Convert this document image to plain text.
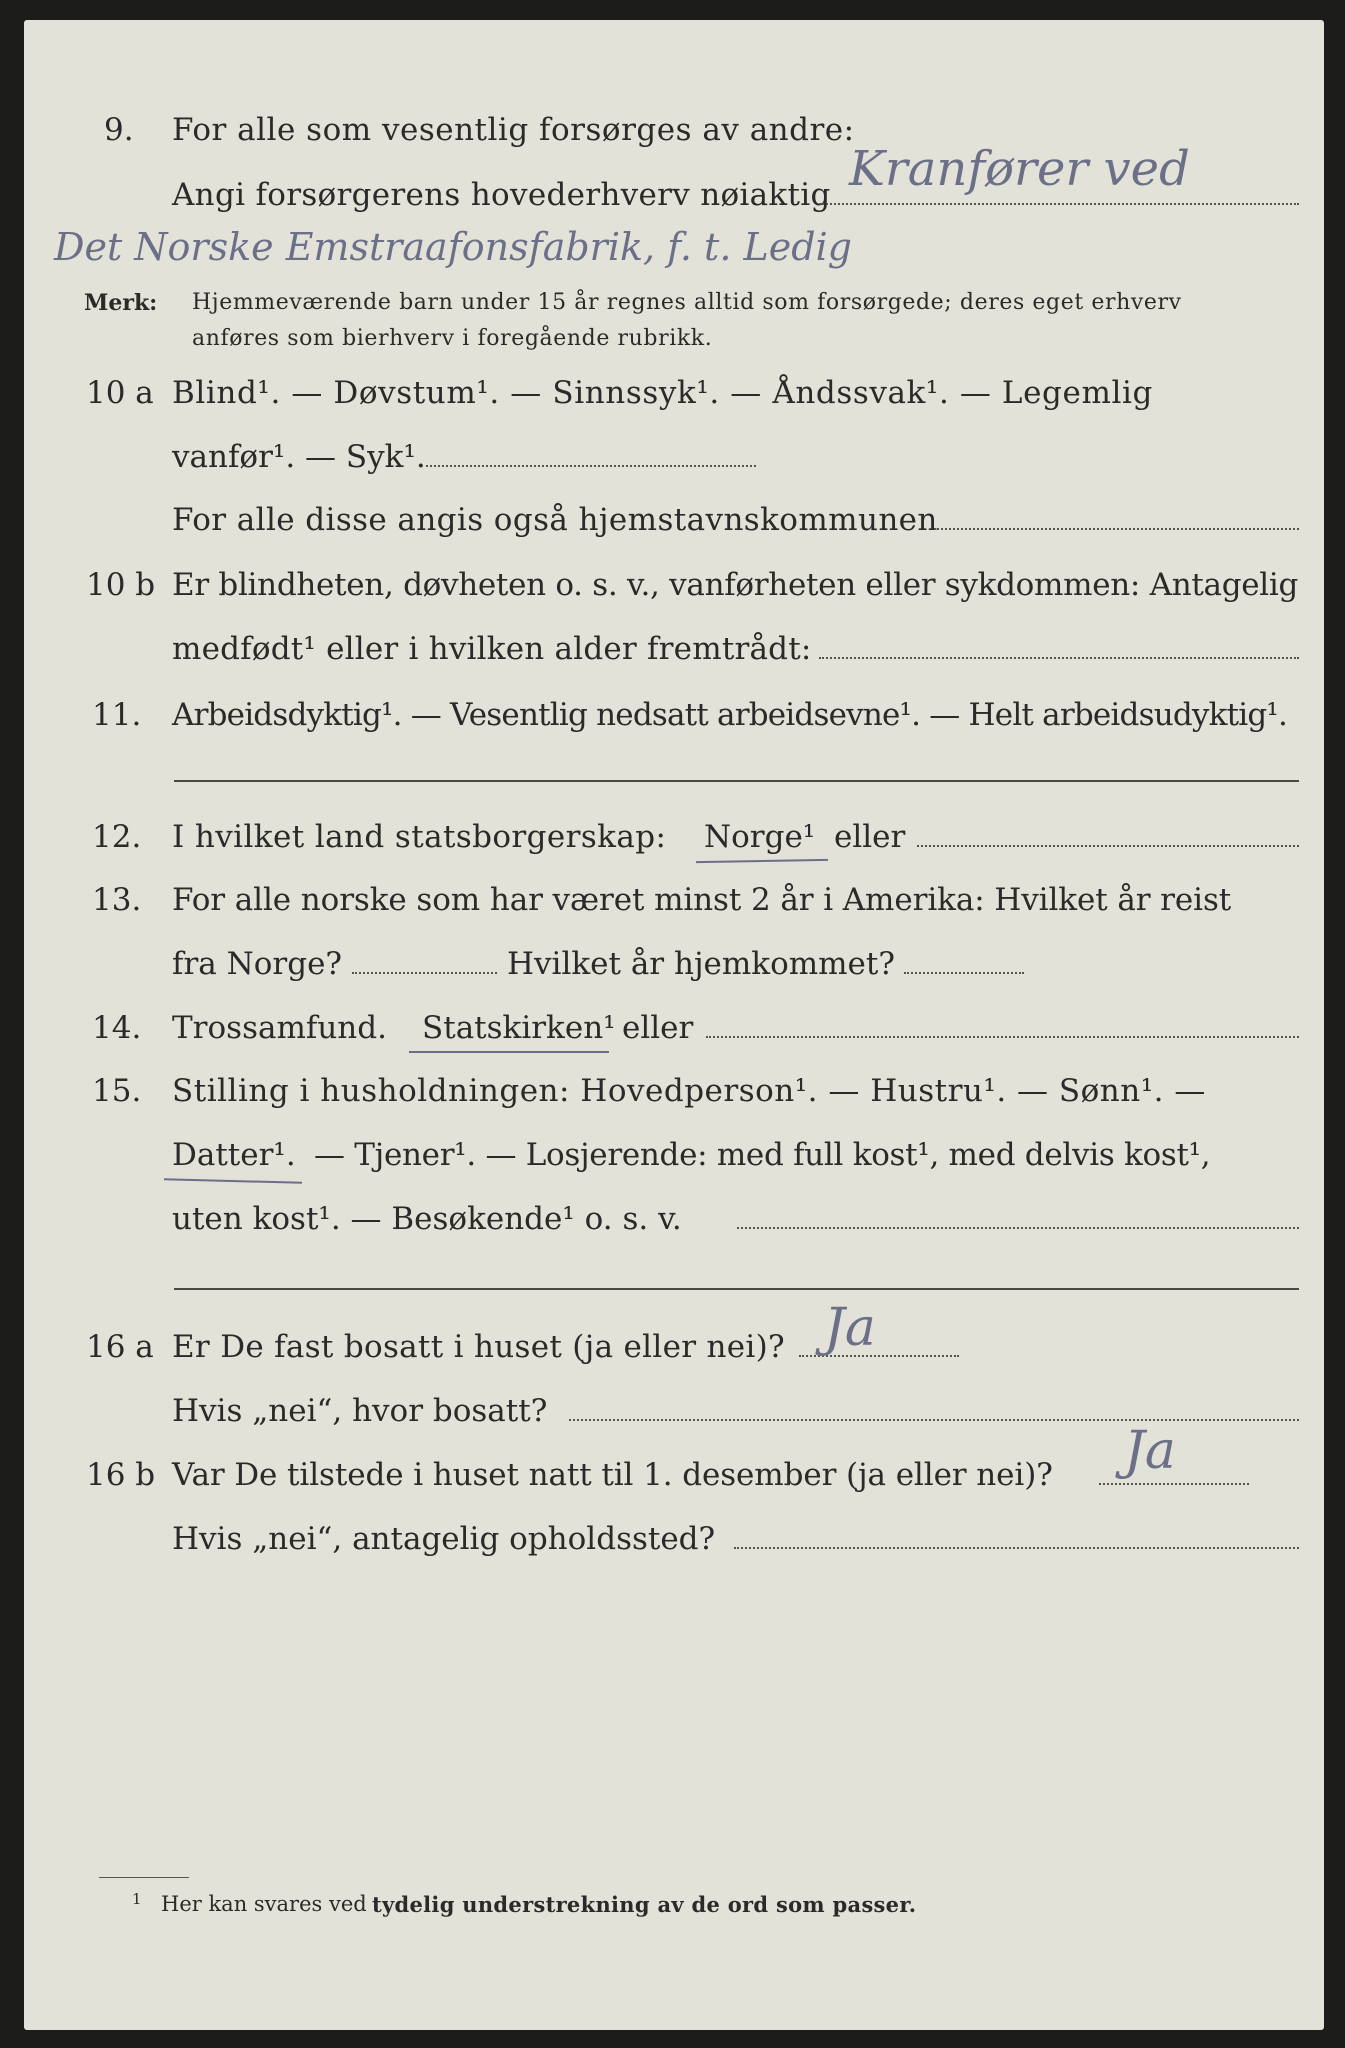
9. For alle som vesentlig forsørges av andre:
Angi forsørgerens hovederhverv nøiaktig Kranfører ved
Det Norske Emstraafonsfabrik, f. t. Ledig
Merk: Hjemmeværende barn under 15 år regnes alltid som forsørgede; deres eget erhverv
anføres som bierhverv i foregående rubrikk.
10 a Blind¹. — Døvstum¹. — Sinnssyk¹. — Åndssvak¹. — Legemlig
vanfør¹. — Syk¹.
For alle disse angis også hjemstavnskommunen
10 b Er blindheten, døvheten o. s. v., vanførheten eller sykdommen: Antagelig
medfødt¹ eller i hvilken alder fremtrådt:
11. Arbeidsdyktig¹. — Vesentlig nedsatt arbeidsevne¹. — Helt arbeidsudyktig¹.
12. I hvilket land statsborgerskap: Norge¹ eller
13. For alle norske som har været minst 2 år i Amerika: Hvilket år reist
fra Norge?	Hvilket år hjemkommet?
14. Trossamfund. Statskirken¹ eller
15. Stilling i husholdningen: Hovedperson¹. — Hustru¹. — Sønn¹. —
Datter¹. — Tjener¹. — Losjerende: med full kost¹, med delvis kost¹,
uten kost¹. — Besøkende¹ o. s. v.
16 a Er De fast bosatt i huset (ja eller nei)? Ja
Hvis „nei“, hvor bosatt?
16 b Var De tilstede i huset natt til 1. desember (ja eller nei)? Ja
Hvis „nei“, antagelig opholdssted?
1 Her kan svares ved tydelig understrekning av de ord som passer.
